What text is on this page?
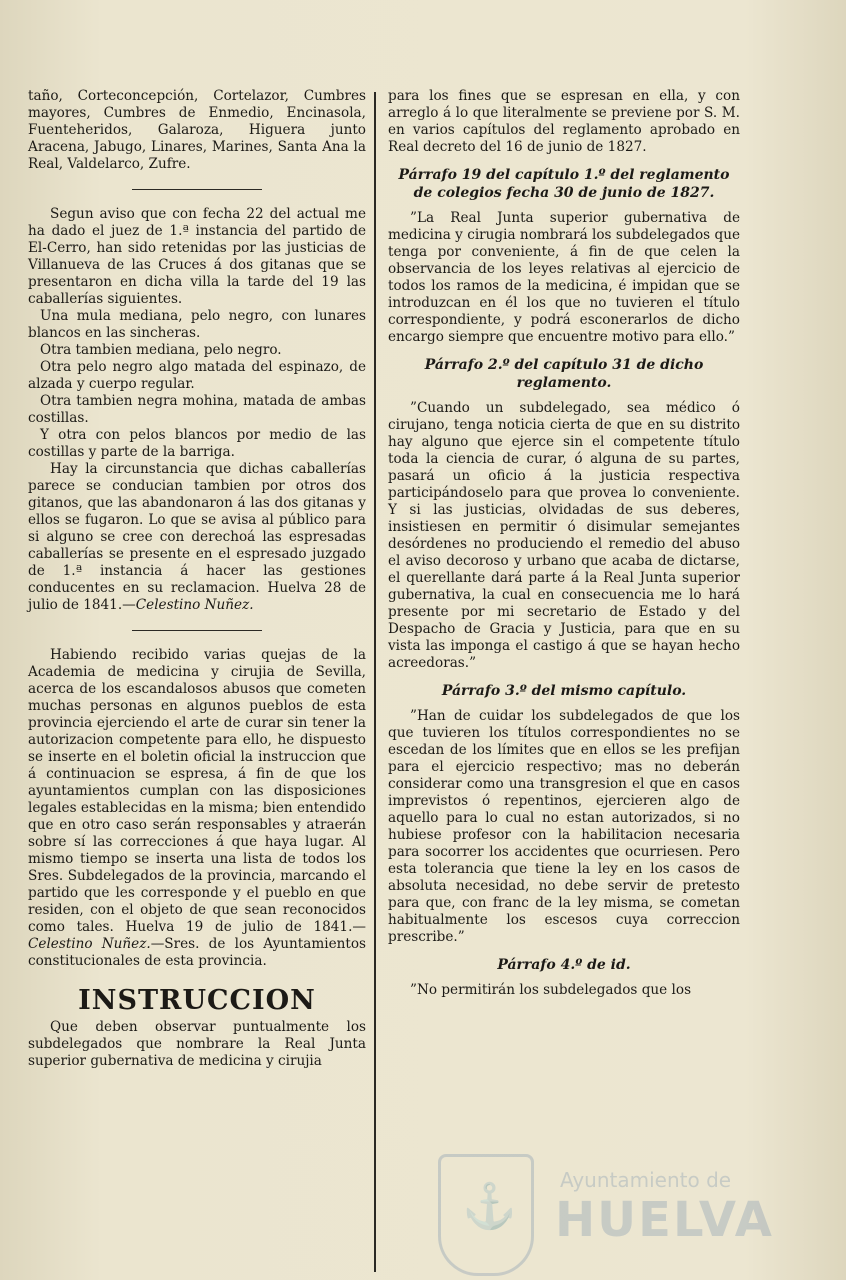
taño, Corteconcepción, Cortelazor, Cumbres mayores, Cumbres de Enmedio, Encinasola, Fuenteheridos, Galaroza, Higuera junto Aracena, Jabugo, Linares, Marines, Santa Ana la Real, Valdelarco, Zufre.

Segun aviso que con fecha 22 del actual me ha dado el juez de 1.ª instancia del partido de El-Cerro, han sido retenidas por las justicias de Villanueva de las Cruces á dos gitanas que se presentaron en dicha villa la tarde del 19 las caballerías siguientes.

Una mula mediana, pelo negro, con lunares blancos en las sincheras.

Otra tambien mediana, pelo negro.

Otra pelo negro algo matada del espinazo, de alzada y cuerpo regular.

Otra tambien negra mohina, matada de ambas costillas.

Y otra con pelos blancos por medio de las costillas y parte de la barriga.

Hay la circunstancia que dichas caballerías parece se conducian tambien por otros dos gitanos, que las abandonaron á las dos gitanas y ellos se fugaron. Lo que se avisa al público para si alguno se cree con derechoá las espresadas caballerías se presente en el espresado juzgado de 1.ª instancia á hacer las gestiones conducentes en su reclamacion. Huelva 28 de julio de 1841.—Celestino Nuñez.

Habiendo recibido varias quejas de la Academia de medicina y cirujia de Sevilla, acerca de los escandalosos abusos que cometen muchas personas en algunos pueblos de esta provincia ejerciendo el arte de curar sin tener la autorizacion competente para ello, he dispuesto se inserte en el boletin oficial la instruccion que á continuacion se espresa, á fin de que los ayuntamientos cumplan con las disposiciones legales establecidas en la misma; bien entendido que en otro caso serán responsables y atraerán sobre sí las correcciones á que haya lugar. Al mismo tiempo se inserta una lista de todos los Sres. Subdelegados de la provincia, marcando el partido que les corresponde y el pueblo en que residen, con el objeto de que sean reconocidos como tales. Huelva 19 de julio de 1841.—Celestino Nuñez.—Sres. de los Ayuntamientos constitucionales de esta provincia.

INSTRUCCION

Que deben observar puntualmente los subdelegados que nombrare la Real Junta superior gubernativa de medicina y cirujia

para los fines que se espresan en ella, y con arreglo á lo que literalmente se previene por S. M. en varios capítulos del reglamento aprobado en Real decreto del 16 de junio de 1827.

Párrafo 19 del capítulo 1.º del reglamento de colegios fecha 30 de junio de 1827.

”La Real Junta superior gubernativa de medicina y cirugia nombrará los subdelegados que tenga por conveniente, á fin de que celen la observancia de los leyes relativas al ejercicio de todos los ramos de la medicina, é impidan que se introduzcan en él los que no tuvieren el título correspondiente, y podrá esconerarlos de dicho encargo siempre que encuentre motivo para ello.”

Párrafo 2.º del capítulo 31 de dicho reglamento.

”Cuando un subdelegado, sea médico ó cirujano, tenga noticia cierta de que en su distrito hay alguno que ejerce sin el competente título toda la ciencia de curar, ó alguna de su partes, pasará un oficio á la justicia respectiva participándoselo para que provea lo conveniente. Y si las justicias, olvidadas de sus deberes, insistiesen en permitir ó disimular semejantes desórdenes no produciendo el remedio del abuso el aviso decoroso y urbano que acaba de dictarse, el querellante dará parte á la Real Junta superior gubernativa, la cual en consecuencia me lo hará presente por mi secretario de Estado y del Despacho de Gracia y Justicia, para que en su vista las imponga el castigo á que se hayan hecho acreedoras.”

Párrafo 3.º del mismo capítulo.

”Han de cuidar los subdelegados de que los que tuvieren los títulos correspondientes no se escedan de los límites que en ellos se les prefijan para el ejercicio respectivo; mas no deberán considerar como una transgresion el que en casos imprevistos ó repentinos, ejercieren algo de aquello para lo cual no estan autorizados, si no hubiese profesor con la habilitacion necesaria para socorrer los accidentes que ocurriesen. Pero esta tolerancia que tiene la ley en los casos de absoluta necesidad, no debe servir de pretesto para que, con franc de la ley misma, se cometan habitualmente los escesos cuya correccion prescribe.”

Párrafo 4.º de id.

”No permitirán los subdelegados que los

⚓
Ayuntamiento de
HUELVA
